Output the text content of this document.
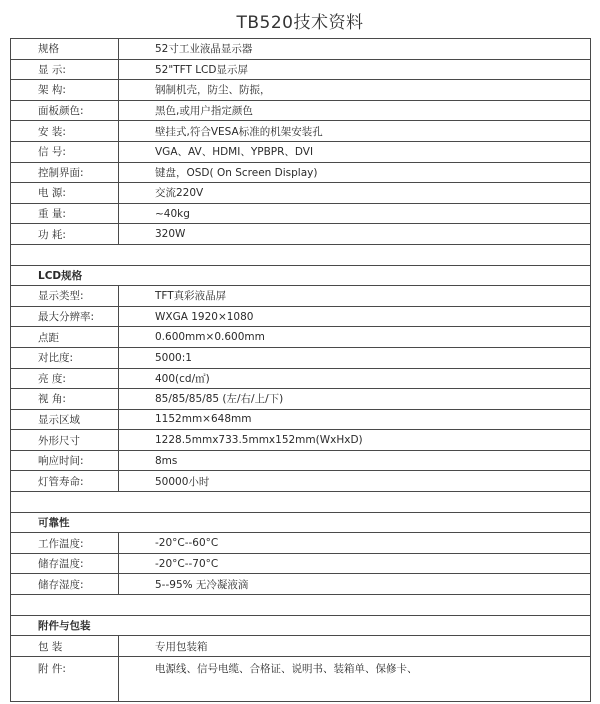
TB520技术资料
规格	52寸工业液晶显示器
显 示:	52"TFT LCD显示屏
架 构:	钢制机壳，防尘、防振，
面板颜色:	黑色,或用户指定颜色
安 装:	壁挂式,符合VESA标准的机架安装孔
信 号:	VGA、AV、HDMI、YPBPR、DVI
控制界面:	键盘，OSD( On Screen Display)
电 源:	交流220V
重 量:	~40kg
功 耗:	320W

LCD规格	
显示类型:	TFT真彩液晶屏
最大分辨率:	WXGA 1920×1080
点距	0.600mm×0.600mm
对比度:	5000:1
亮 度:	400(cd/㎡)
视 角:	85/85/85/85 (左/右/上/下)
显示区域	1152mm×648mm
外形尺寸	1228.5mmx733.5mmx152mm(WxHxD)
响应时间:	8ms
灯管寿命:	50000小时

可靠性	
工作温度:	-20°C--60°C
储存温度:	-20°C--70°C
储存湿度:	5--95% 无冷凝液滴

附件与包装	
包 装	专用包装箱
附 件:	电源线、信号电缆、合格证、说明书、装箱单、保修卡、
